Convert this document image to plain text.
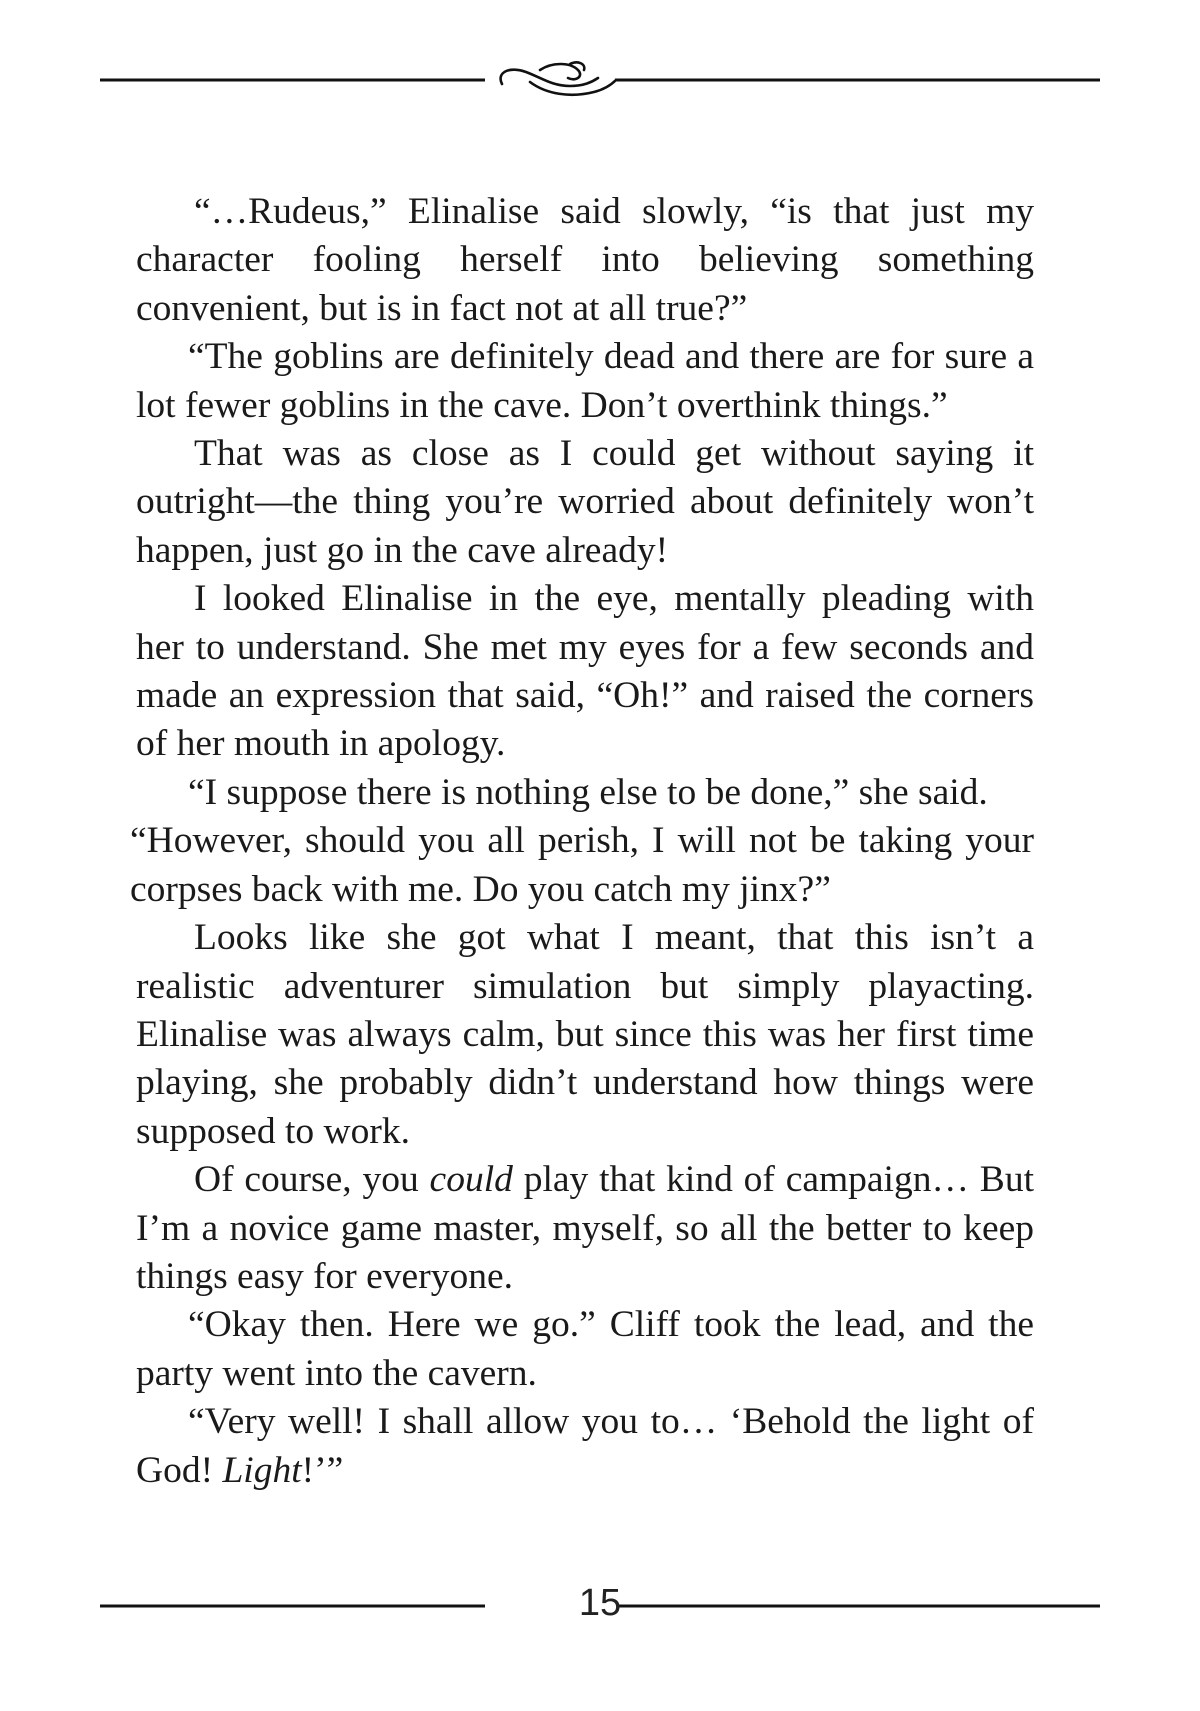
“…Rudeus,” Elinalise said slowly, “is that just my character fooling herself into believing something convenient, but is in fact not at all true?”

“The goblins are definitely dead and there are for sure a lot fewer goblins in the cave. Don’t overthink things.”

That was as close as I could get without saying it outright—the thing you’re worried about definitely won’t happen, just go in the cave already!

I looked Elinalise in the eye, mentally pleading with her to understand. She met my eyes for a few seconds and made an expression that said, “Oh!” and raised the corners of her mouth in apology.

“I suppose there is nothing else to be done,” she said.

“However, should you all perish, I will not be taking your corpses back with me. Do you catch my jinx?”

Looks like she got what I meant, that this isn’t a realistic adventurer simulation but simply playacting. Elinalise was always calm, but since this was her first time playing, she probably didn’t understand how things were supposed to work.

Of course, you could play that kind of campaign… But I’m a novice game master, myself, so all the better to keep things easy for everyone.

“Okay then. Here we go.” Cliff took the lead, and the party went into the cavern.

“Very well! I shall allow you to… ‘Behold the light of God! Light!’”

15
